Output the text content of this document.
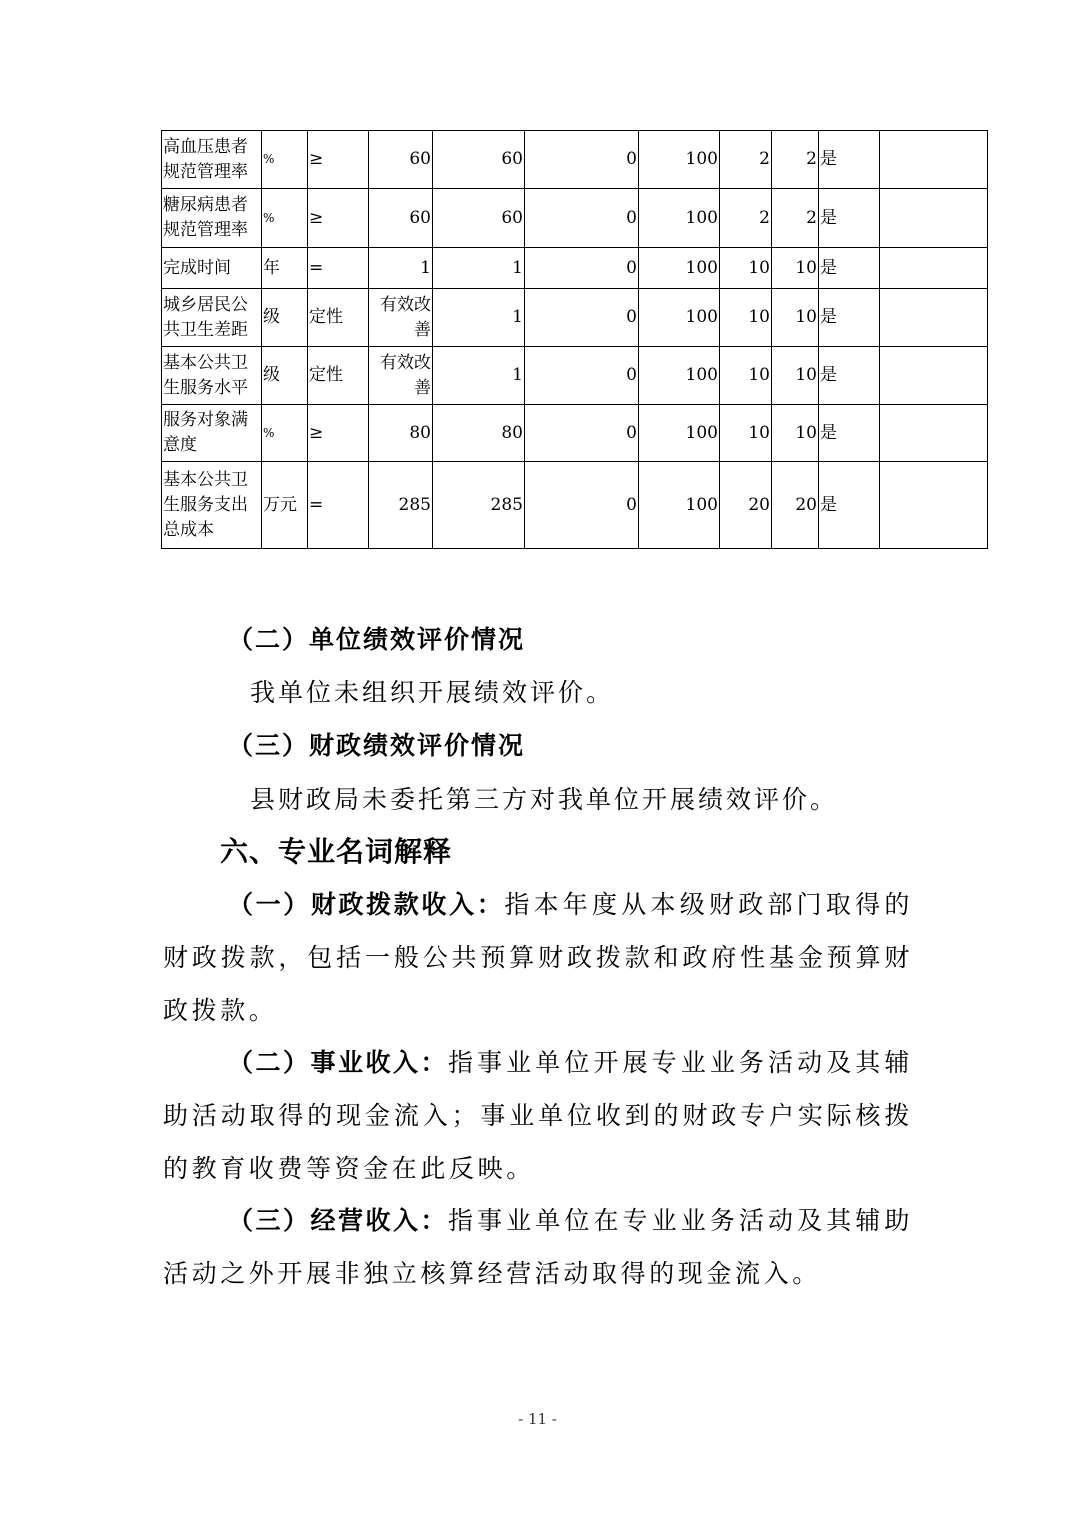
高血压患者规范管理率	%	≥	60	60	0	100	2	2	是	
糖尿病患者规范管理率	%	≥	60	60	0	100	2	2	是	
完成时间	年	=	1	1	0	100	10	10	是	
城乡居民公共卫生差距	级	定性	有效改善	1	0	100	10	10	是	
基本公共卫生服务水平	级	定性	有效改善	1	0	100	10	10	是	
服务对象满意度	%	≥	80	80	0	100	10	10	是	
基本公共卫生服务支出总成本	万元	=	285	285	0	100	20	20	是	
（二）单位绩效评价情况
我单位未组织开展绩效评价。
（三）财政绩效评价情况
县财政局未委托第三方对我单位开展绩效评价。
六、专业名词解释
（一）财政拨款收入：指本年度从本级财政部门取得的财政拨款，包括一般公共预算财政拨款和政府性基金预算财政拨款。
（二）事业收入：指事业单位开展专业业务活动及其辅助活动取得的现金流入；事业单位收到的财政专户实际核拨的教育收费等资金在此反映。
（三）经营收入：指事业单位在专业业务活动及其辅助活动之外开展非独立核算经营活动取得的现金流入。
- 11 -
